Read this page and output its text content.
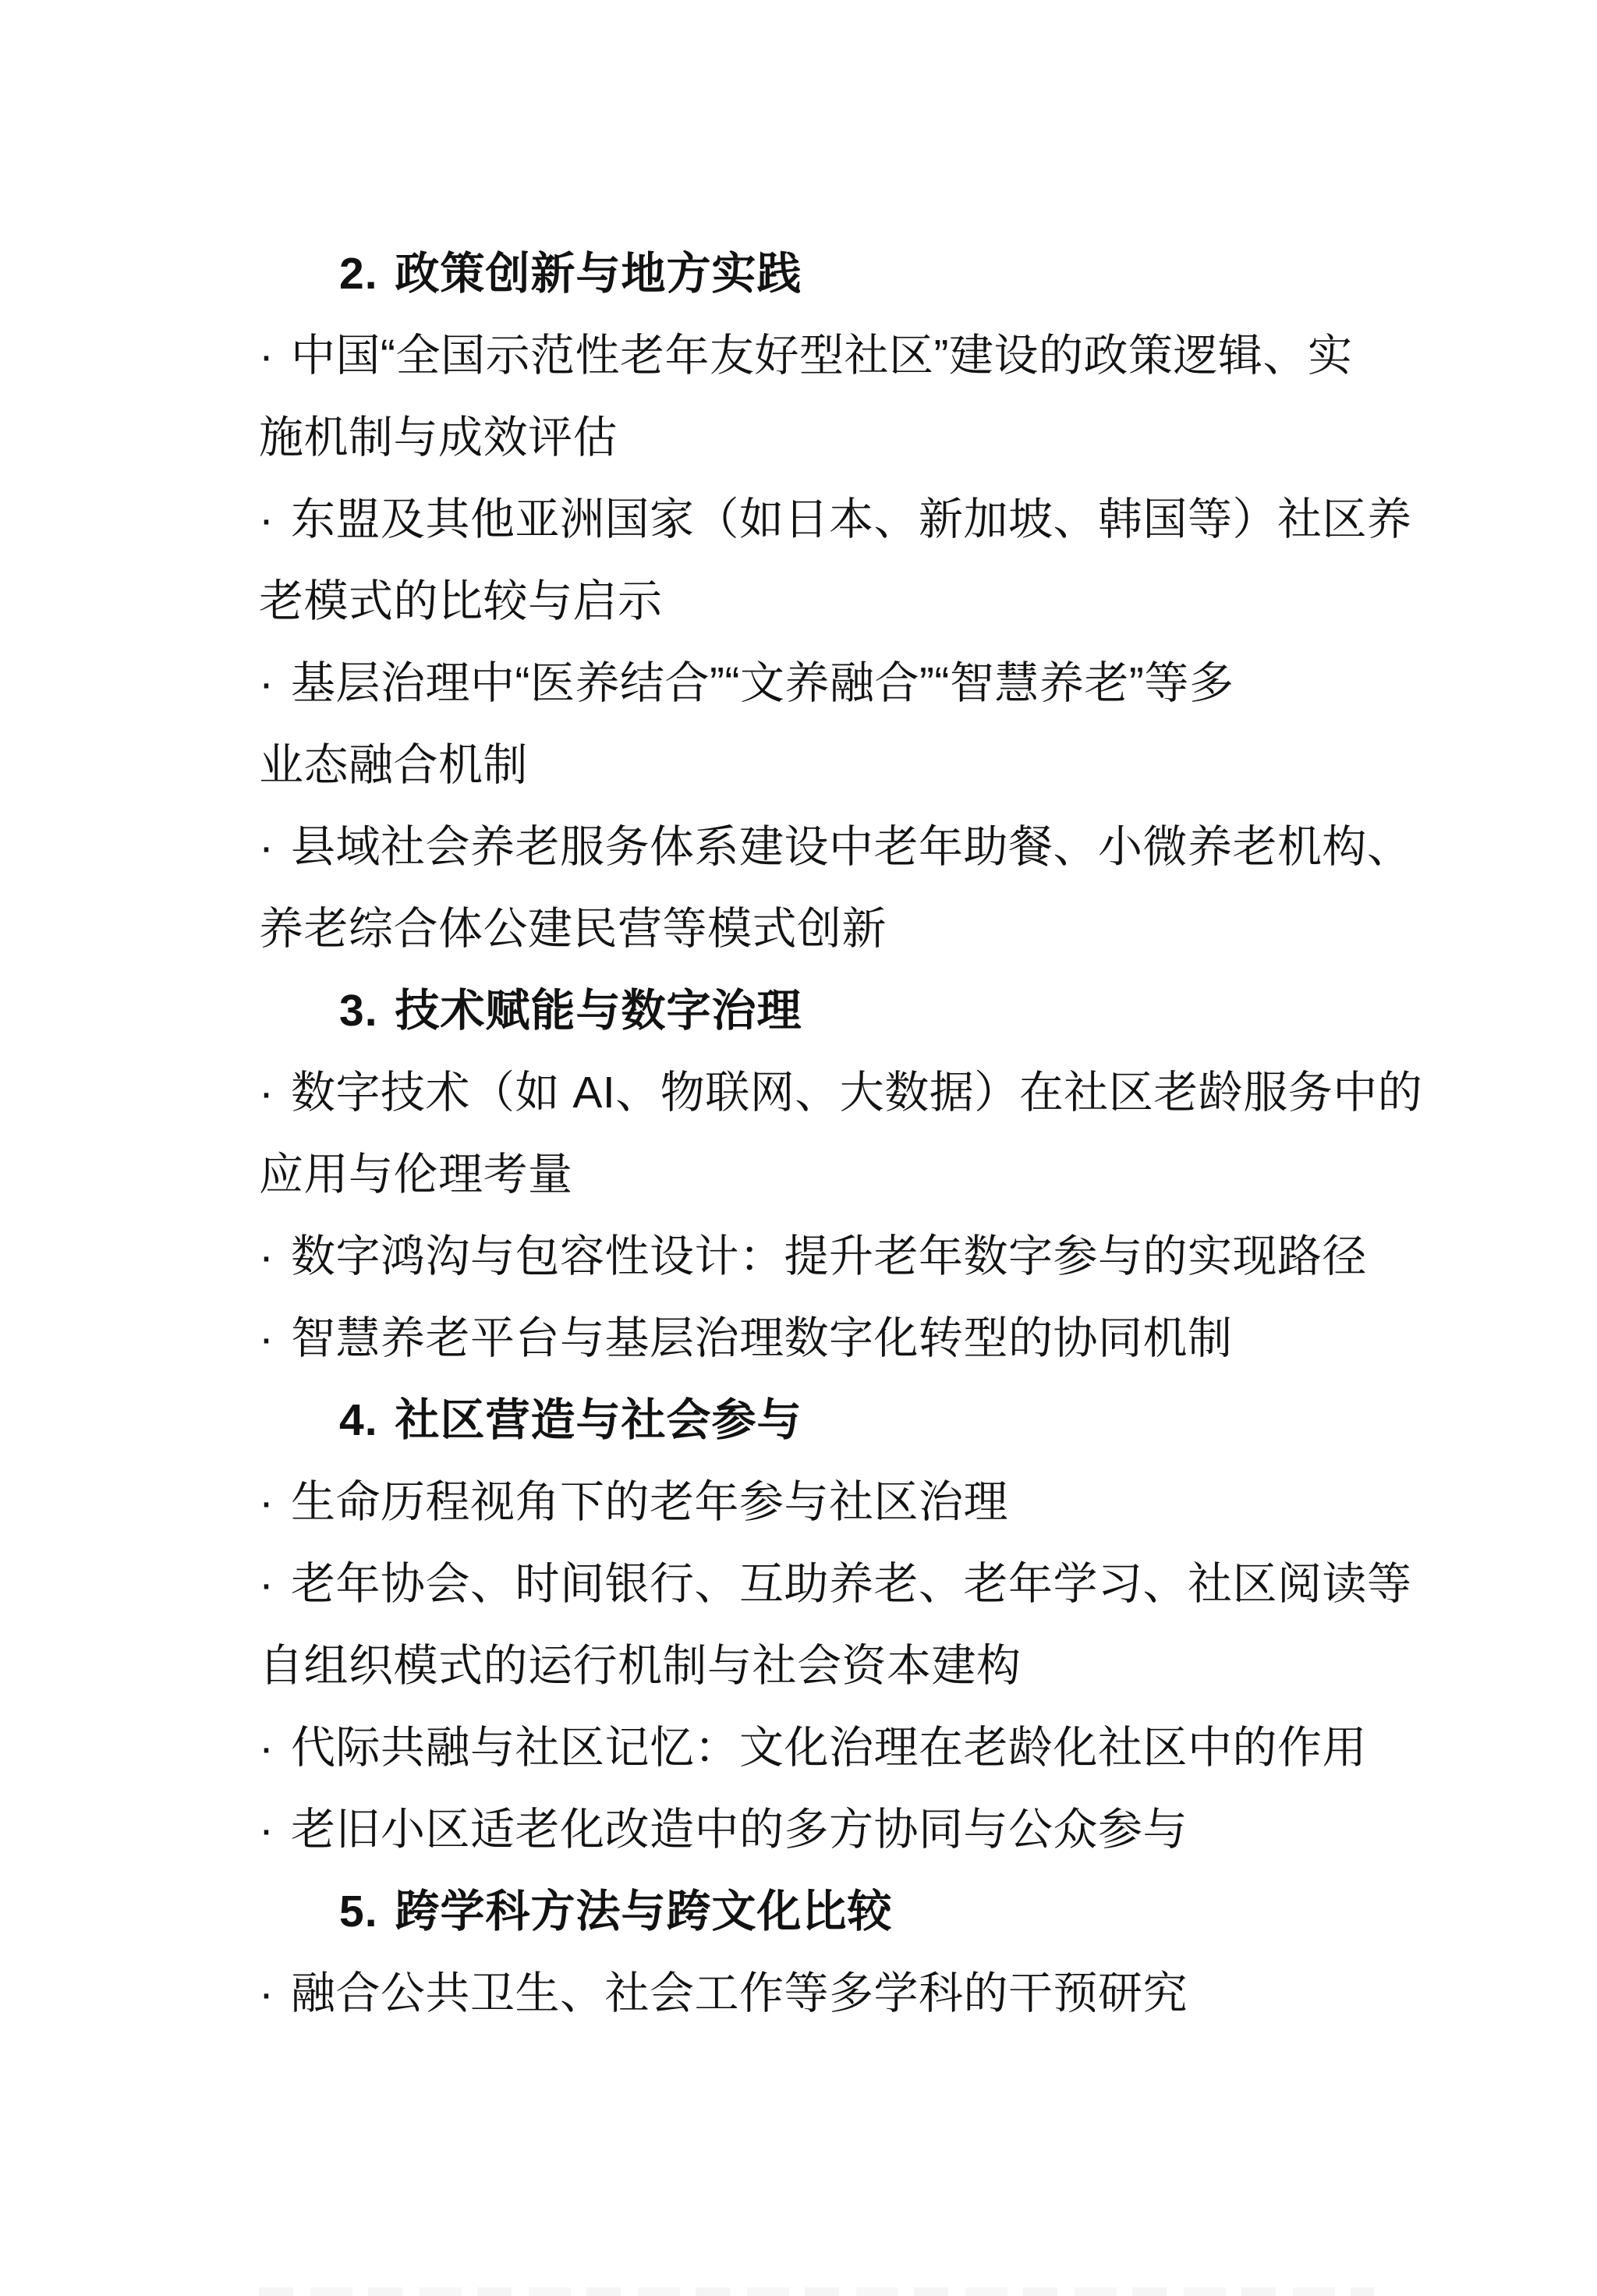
2. 政策创新与地方实践
· 中国“全国示范性老年友好型社区”建设的政策逻辑、实
施机制与成效评估
· 东盟及其他亚洲国家（如日本、新加坡、韩国等）社区养
老模式的比较与启示
· 基层治理中“医养结合”“文养融合”“智慧养老”等多
业态融合机制
· 县域社会养老服务体系建设中老年助餐、小微养老机构、
养老综合体公建民营等模式创新
3. 技术赋能与数字治理
· 数字技术（如 AI、物联网、大数据）在社区老龄服务中的
应用与伦理考量
· 数字鸿沟与包容性设计：提升老年数字参与的实现路径
· 智慧养老平台与基层治理数字化转型的协同机制
4. 社区营造与社会参与
· 生命历程视角下的老年参与社区治理
· 老年协会、时间银行、互助养老、老年学习、社区阅读等
自组织模式的运行机制与社会资本建构
· 代际共融与社区记忆：文化治理在老龄化社区中的作用
· 老旧小区适老化改造中的多方协同与公众参与
5. 跨学科方法与跨文化比较
· 融合公共卫生、社会工作等多学科的干预研究
